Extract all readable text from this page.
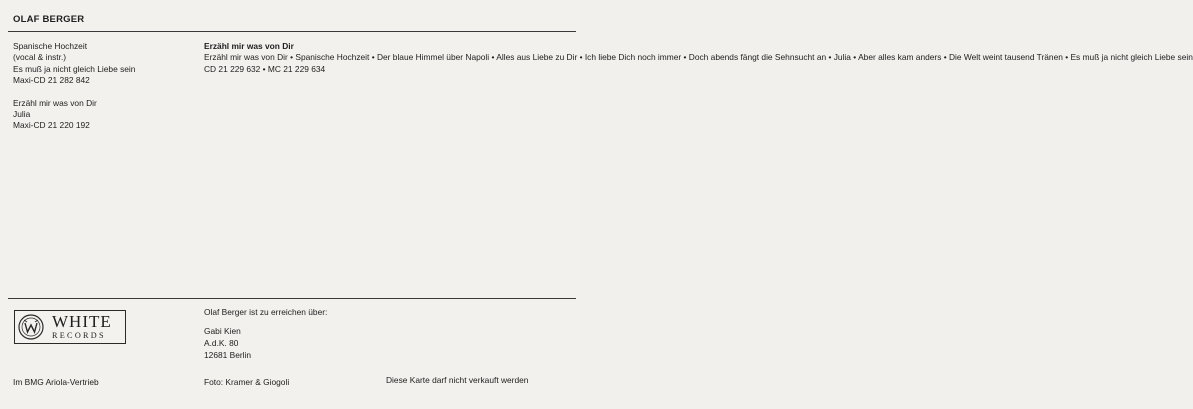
OLAF BERGER
Spanische Hochzeit
(vocal & instr.)
Es muß ja nicht gleich Liebe sein
Maxi-CD 21 282 842
Erzähl mir was von Dir
Julia
Maxi-CD 21 220 192
Erzähl mir was von Dir
Erzähl mir was von Dir • Spanische Hochzeit • Der blaue Himmel über Napoli • Alles aus Liebe zu Dir • Ich liebe Dich noch immer • Doch abends fängt die Sehnsucht an • Julia • Aber alles kam anders • Die Welt weint tausend Tränen • Es muß ja nicht gleich Liebe sein
CD 21 229 632 • MC 21 229 634
WHITE
RECORDS
Olaf Berger ist zu erreichen über:
Gabi Kien
A.d.K. 80
12681 Berlin
Im BMG Ariola-Vertrieb	Foto: Kramer & Giogoli	Diese Karte darf nicht verkauft werden
